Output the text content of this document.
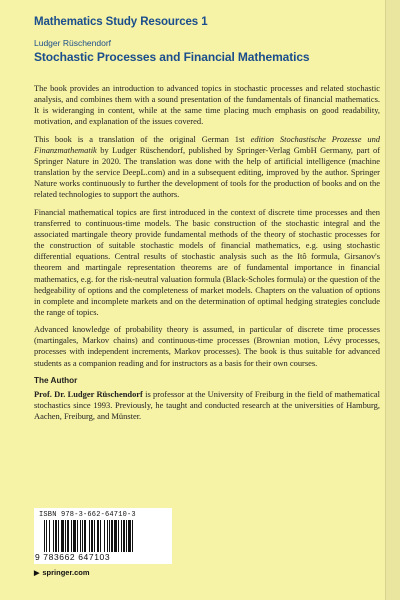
Mathematics Study Resources 1
Ludger Rüschendorf
Stochastic Processes and Financial Mathematics

The book provides an introduction to advanced topics in stochastic processes and related stochastic analysis, and combines them with a sound presentation of the fundamentals of financial mathematics. It is wideranging in content, while at the same time placing much emphasis on good readability, motivation, and explanation of the issues covered.

This book is a translation of the original German 1st edition Stochastische Prozesse und Finanzmathematik by Ludger Rüschendorf, published by Springer-Verlag GmbH Germany, part of Springer Nature in 2020. The translation was done with the help of artificial intelligence (machine translation by the service DeepL.com) and in a subsequent editing, improved by the author. Springer Nature works continuously to further the development of tools for the production of books and on the related technologies to support the authors.

Financial mathematical topics are first introduced in the context of discrete time processes and then transferred to continuous-time models. The basic construction of the stochastic integral and the associated martingale theory provide fundamental methods of the theory of stochastic processes for the construction of suitable stochastic models of financial mathematics, e.g. using stochastic differential equations. Central results of stochastic analysis such as the Itô formula, Girsanov's theorem and martingale representation theorems are of fundamental importance in financial mathematics, e.g. for the risk-neutral valuation formula (Black-Scholes formula) or the question of the hedgeability of options and the completeness of market models. Chapters on the valuation of options in complete and incomplete markets and on the determination of optimal hedging strategies conclude the range of topics.

Advanced knowledge of probability theory is assumed, in particular of discrete time processes (martingales, Markov chains) and continuous-time processes (Brownian motion, Lévy processes, processes with independent increments, Markov processes). The book is thus suitable for advanced students as a companion reading and for instructors as a basis for their own courses.

The Author

Prof. Dr. Ludger Rüschendorf is professor at the University of Freiburg in the field of mathematical stochastics since 1993. Previously, he taught and conducted research at the universities of Hamburg, Aachen, Freiburg, and Münster.

ISBN 978-3-662-64710-3
9 783662 647103
▶ springer.com
